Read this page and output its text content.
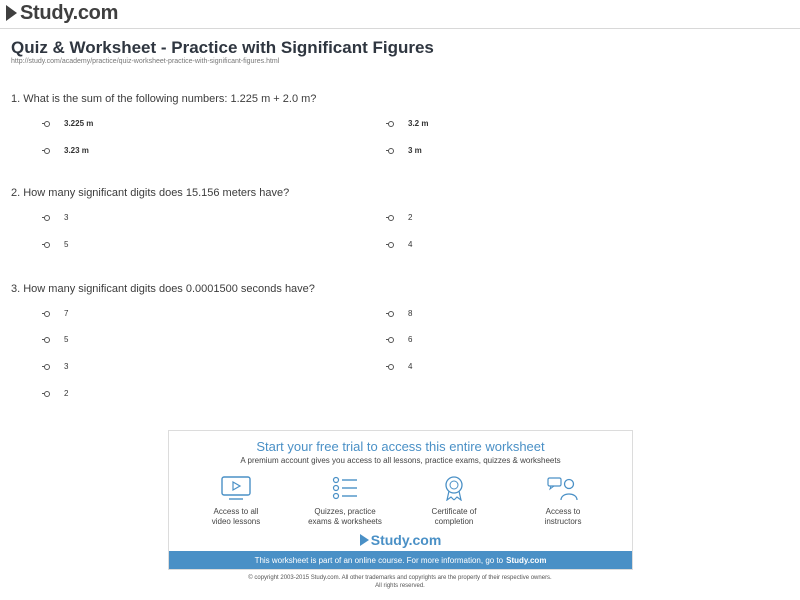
Study.com
Quiz & Worksheet - Practice with Significant Figures
http://study.com/academy/practice/quiz-worksheet-practice-with-significant-figures.html
1. What is the sum of the following numbers: 1.225 m + 2.0 m?
3.225 m	3.2 m
3.23 m	3 m
2. How many significant digits does 15.156 meters have?
3	2
5	4
3. How many significant digits does 0.0001500 seconds have?
7	8
5	6
3	4
2
Start your free trial to access this entire worksheet
A premium account gives you access to all lessons, practice exams, quizzes & worksheets
Access to all
video lessons
Quizzes, practice
exams & worksheets
Certificate of
completion
Access to
instructors
Study.com
This worksheet is part of an online course. For more information, go to Study.com
© copyright 2003-2015 Study.com. All other trademarks and copyrights are the property of their respective owners.
All rights reserved.
